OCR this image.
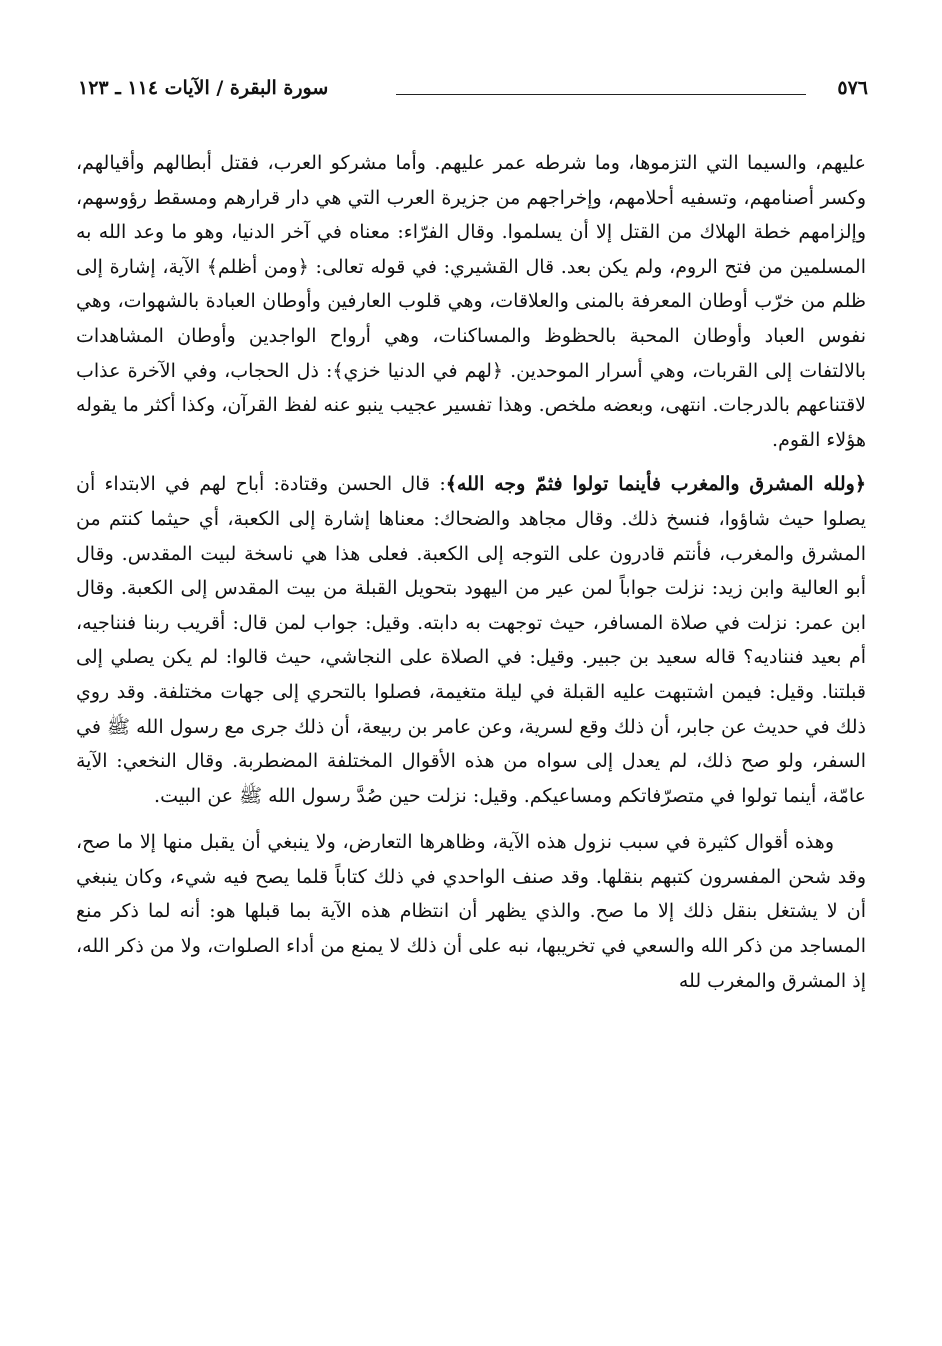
٥٧٦
سورة البقرة / الآيات ١١٤ ـ ١٢٣

عليهم، والسيما التي التزموها، وما شرطه عمر عليهم. وأما مشركو العرب، فقتل أبطالهم وأقيالهم، وكسر أصنامهم، وتسفيه أحلامهم، وإخراجهم من جزيرة العرب التي هي دار قرارهم ومسقط رؤوسهم، وإلزامهم خطة الهلاك من القتل إلا أن يسلموا. وقال الفرّاء: معناه في آخر الدنيا، وهو ما وعد الله به المسلمين من فتح الروم، ولم يكن بعد. قال القشيري: في قوله تعالى: ﴿ومن أظلم﴾ الآية، إشارة إلى ظلم من خرّب أوطان المعرفة بالمنى والعلاقات، وهي قلوب العارفين وأوطان العبادة بالشهوات، وهي نفوس العباد وأوطان المحبة بالحظوظ والمساكنات، وهي أرواح الواجدين وأوطان المشاهدات بالالتفات إلى القربات، وهي أسرار الموحدين. ﴿لهم في الدنيا خزي﴾: ذل الحجاب، وفي الآخرة عذاب لاقتناعهم بالدرجات. انتهى، وبعضه ملخص. وهذا تفسير عجيب ينبو عنه لفظ القرآن، وكذا أكثر ما يقوله هؤلاء القوم.

﴿ولله المشرق والمغرب فأينما تولوا فثمّ وجه الله﴾: قال الحسن وقتادة: أباح لهم في الابتداء أن يصلوا حيث شاؤوا، فنسخ ذلك. وقال مجاهد والضحاك: معناها إشارة إلى الكعبة، أي حيثما كنتم من المشرق والمغرب، فأنتم قادرون على التوجه إلى الكعبة. فعلى هذا هي ناسخة لبيت المقدس. وقال أبو العالية وابن زيد: نزلت جواباً لمن عير من اليهود بتحويل القبلة من بيت المقدس إلى الكعبة. وقال ابن عمر: نزلت في صلاة المسافر، حيث توجهت به دابته. وقيل: جواب لمن قال: أقريب ربنا فنناجيه، أم بعيد فنناديه؟ قاله سعيد بن جبير. وقيل: في الصلاة على النجاشي، حيث قالوا: لم يكن يصلي إلى قبلتنا. وقيل: فيمن اشتبهت عليه القبلة في ليلة متغيمة، فصلوا بالتحري إلى جهات مختلفة. وقد روي ذلك في حديث عن جابر، أن ذلك وقع لسرية، وعن عامر بن ربيعة، أن ذلك جرى مع رسول الله ﷺ في السفر، ولو صح ذلك، لم يعدل إلى سواه من هذه الأقوال المختلفة المضطربة. وقال النخعي: الآية عامّة، أينما تولوا في متصرّفاتكم ومساعيكم. وقيل: نزلت حين صُدَّ رسول الله ﷺ عن البيت.

وهذه أقوال كثيرة في سبب نزول هذه الآية، وظاهرها التعارض، ولا ينبغي أن يقبل منها إلا ما صح، وقد شحن المفسرون كتبهم بنقلها. وقد صنف الواحدي في ذلك كتاباً قلما يصح فيه شيء، وكان ينبغي أن لا يشتغل بنقل ذلك إلا ما صح. والذي يظهر أن انتظام هذه الآية بما قبلها هو: أنه لما ذكر منع المساجد من ذكر الله والسعي في تخريبها، نبه على أن ذلك لا يمنع من أداء الصلوات، ولا من ذكر الله، إذ المشرق والمغرب لله
